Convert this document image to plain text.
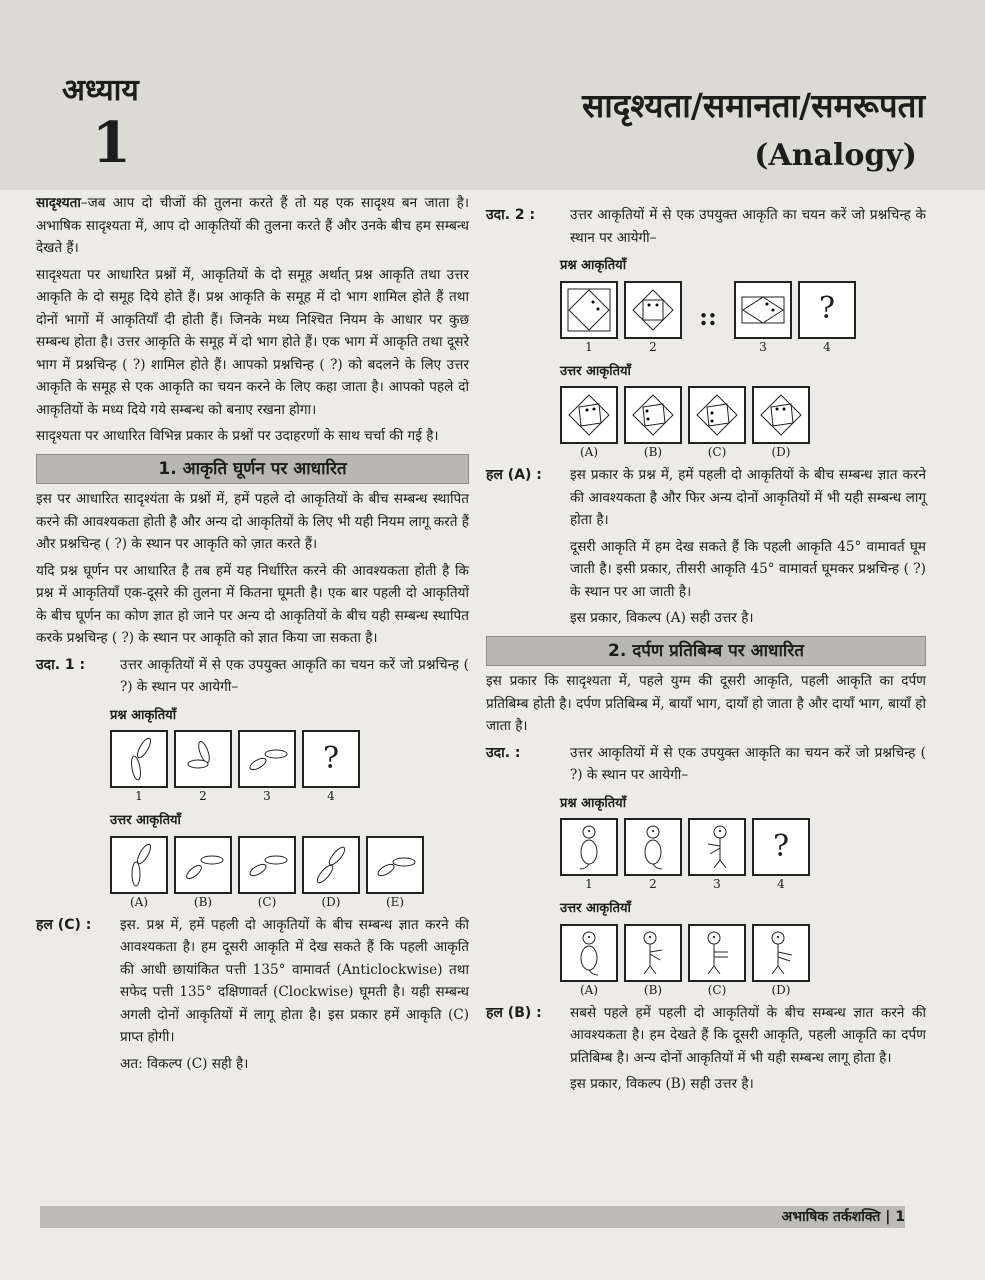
अध्याय
1
सादृश्यता/समानता/समरूपता
(Analogy)

सादृश्यता–जब आप दो चीजों की तुलना करते हैं तो यह एक सादृश्य बन जाता है। अभाषिक सादृश्यता में, आप दो आकृतियों की तुलना करते हैं और उनके बीच हम सम्बन्ध देखते हैं।

सादृश्यता पर आधारित प्रश्नों में, आकृतियों के दो समूह अर्थात् प्रश्न आकृति तथा उत्तर आकृति के दो समूह दिये होते हैं। प्रश्न आकृति के समूह में दो भाग शामिल होते हैं तथा दोनों भागों में आकृतियाँ दी होती हैं। जिनके मध्य निश्चित नियम के आधार पर कुछ सम्बन्ध होता है। उत्तर आकृति के समूह में दो भाग होते हैं। एक भाग में आकृति तथा दूसरे भाग में प्रश्नचिन्ह ( ?) शामिल होते हैं। आपको प्रश्नचिन्ह ( ?) को बदलने के लिए उत्तर आकृति के समूह से एक आकृति का चयन करने के लिए कहा जाता है। आपको पहले दो आकृतियों के मध्य दिये गये सम्बन्ध को बनाए रखना होगा।

सादृश्यता पर आधारित विभिन्न प्रकार के प्रश्नों पर उदाहरणों के साथ चर्चा की गई है।

1. आकृति घूर्णन पर आधारित

इस पर आधारित सादृश्यंता के प्रश्नों में, हमें पहले दो आकृतियों के बीच सम्बन्ध स्थापित करने की आवश्यकता होती है और अन्य दो आकृतियों के लिए भी यही नियम लागू करते हैं और प्रश्नचिन्ह ( ?) के स्थान पर आकृति को ज़ात करते हैं।

यदि प्रश्न घूर्णन पर आधारित है तब हमें यह निर्धारित करने की आवश्यकता होती है कि प्रश्न में आकृतियाँ एक-दूसरे की तुलना में कितना घूमती है। एक बार पहली दो आकृतियों के बीच घूर्णन का कोण ज्ञात हो जाने पर अन्य दो आकृतियों के बीच यही सम्बन्ध स्थापित करके प्रश्नचिन्ह ( ?) के स्थान पर आकृति को ज्ञात किया जा सकता है।

उदा. 1 :	उत्तर आकृतियों में से एक उपयुक्त आकृति का चयन करें जो प्रश्नचिन्ह ( ?) के स्थान पर आयेगी–
प्रश्न आकृतियाँ
1	2	3
?
4
उत्तर आकृतियाँ
(A)	(B)	(C)	(D)	(E)
हल (C) :	इस. प्रश्न में, हमें पहली दो आकृतियों के बीच सम्बन्ध ज्ञात करने की आवश्यकता है। हम दूसरी आकृति में देख सकते हैं कि पहली आकृति की आधी छायांकित पत्ती 135° वामावर्त (Anticlockwise) तथा सफेद पत्ती 135° दक्षिणावर्त (Clockwise) घूमती है। यही सम्बन्ध अगली दोनों आकृतियों में लागू होता है। इस प्रकार हमें आकृति (C) प्राप्त होगी।
अत: विकल्प (C) सही है।
उदा. 2 :	उत्तर आकृतियों में से एक उपयुक्त आकृति का चयन करें जो प्रश्नचिन्ह के स्थान पर आयेगी–
प्रश्न आकृतियाँ
1	2
::
3
?
4
उत्तर आकृतियाँ
(A)	(B)	(C)	(D)
हल (A) :	इस प्रकार के प्रश्न में, हमें पहली दो आकृतियों के बीच सम्बन्ध ज्ञात करने की आवश्यकता है और फिर अन्य दोनों आकृतियों में भी यही सम्बन्ध लागू होता है।
दूसरी आकृति में हम देख सकते हैं कि पहली आकृति 45° वामावर्त घूम जाती है। इसी प्रकार, तीसरी आकृति 45° वामावर्त घूमकर प्रश्नचिन्ह ( ?) के स्थान पर आ जाती है।
इस प्रकार, विकल्प (A) सही उत्तर है।
2. दर्पण प्रतिबिम्ब पर आधारित

इस प्रकार कि सादृश्यता में, पहले युग्म की दूसरी आकृति, पहली आकृति का दर्पण प्रतिबिम्ब होती है। दर्पण प्रतिबिम्ब में, बायाँ भाग, दायाँ हो जाता है और दायाँ भाग, बायाँ हो जाता है।

उदा. :	उत्तर आकृतियों में से एक उपयुक्त आकृति का चयन करें जो प्रश्नचिन्ह ( ?) के स्थान पर आयेगी–
प्रश्न आकृतियाँ
1	2	3
?
4
उत्तर आकृतियाँ
(A)	(B)	(C)	(D)
हल (B) :	सबसे पहले हमें पहली दो आकृतियों के बीच सम्बन्ध ज्ञात करने की आवश्यकता है। हम देखते हैं कि दूसरी आकृति, पहली आकृति का दर्पण प्रतिबिम्ब है। अन्य दोनों आकृतियों में भी यही सम्बन्ध लागू होता है।
इस प्रकार, विकल्प (B) सही उत्तर है।
अभाषिक तर्कशक्ति | 1
